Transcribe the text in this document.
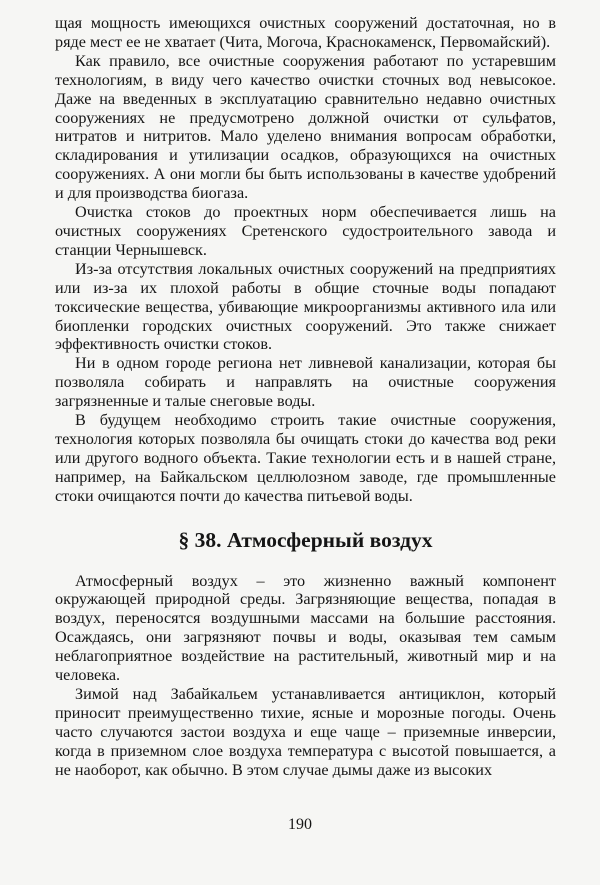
щая мощность имеющихся очистных сооружений достаточная, но в ряде мест ее не хватает (Чита, Могоча, Краснокаменск, Первомайский).

Как правило, все очистные сооружения работают по устаревшим технологиям, в виду чего качество очистки сточных вод невысокое. Даже на введенных в эксплуатацию сравнительно недавно очистных сооружениях не предусмотрено должной очистки от сульфатов, нитратов и нитритов. Мало уделено внимания вопросам обработки, складирования и утилизации осадков, образующихся на очистных сооружениях. А они могли бы быть использованы в качестве удобрений и для производства биогаза.

Очистка стоков до проектных норм обеспечивается лишь на очистных сооружениях Сретенского судостроительного завода и станции Чернышевск.

Из-за отсутствия локальных очистных сооружений на предприятиях или из-за их плохой работы в общие сточные воды попадают токсические вещества, убивающие микроорганизмы активного ила или биопленки городских очистных сооружений. Это также снижает эффективность очистки стоков.

Ни в одном городе региона нет ливневой канализации, которая бы позволяла собирать и направлять на очистные сооружения загрязненные и талые снеговые воды.

В будущем необходимо строить такие очистные сооружения, технология которых позволяла бы очищать стоки до качества вод реки или другого водного объекта. Такие технологии есть и в нашей стране, например, на Байкальском целлюлозном заводе, где промышленные стоки очищаются почти до качества питьевой воды.

§ 38. Атмосферный воздух

Атмосферный воздух – это жизненно важный компонент окружающей природной среды. Загрязняющие вещества, попадая в воздух, переносятся воздушными массами на большие расстояния. Осаждаясь, они загрязняют почвы и воды, оказывая тем самым неблагоприятное воздействие на растительный, животный мир и на человека.

Зимой над Забайкальем устанавливается антициклон, который приносит преимущественно тихие, ясные и морозные погоды. Очень часто случаются застои воздуха и еще чаще – приземные инверсии, когда в приземном слое воздуха температура с высотой повышается, а не наоборот, как обычно. В этом случае дымы даже из высоких

190
